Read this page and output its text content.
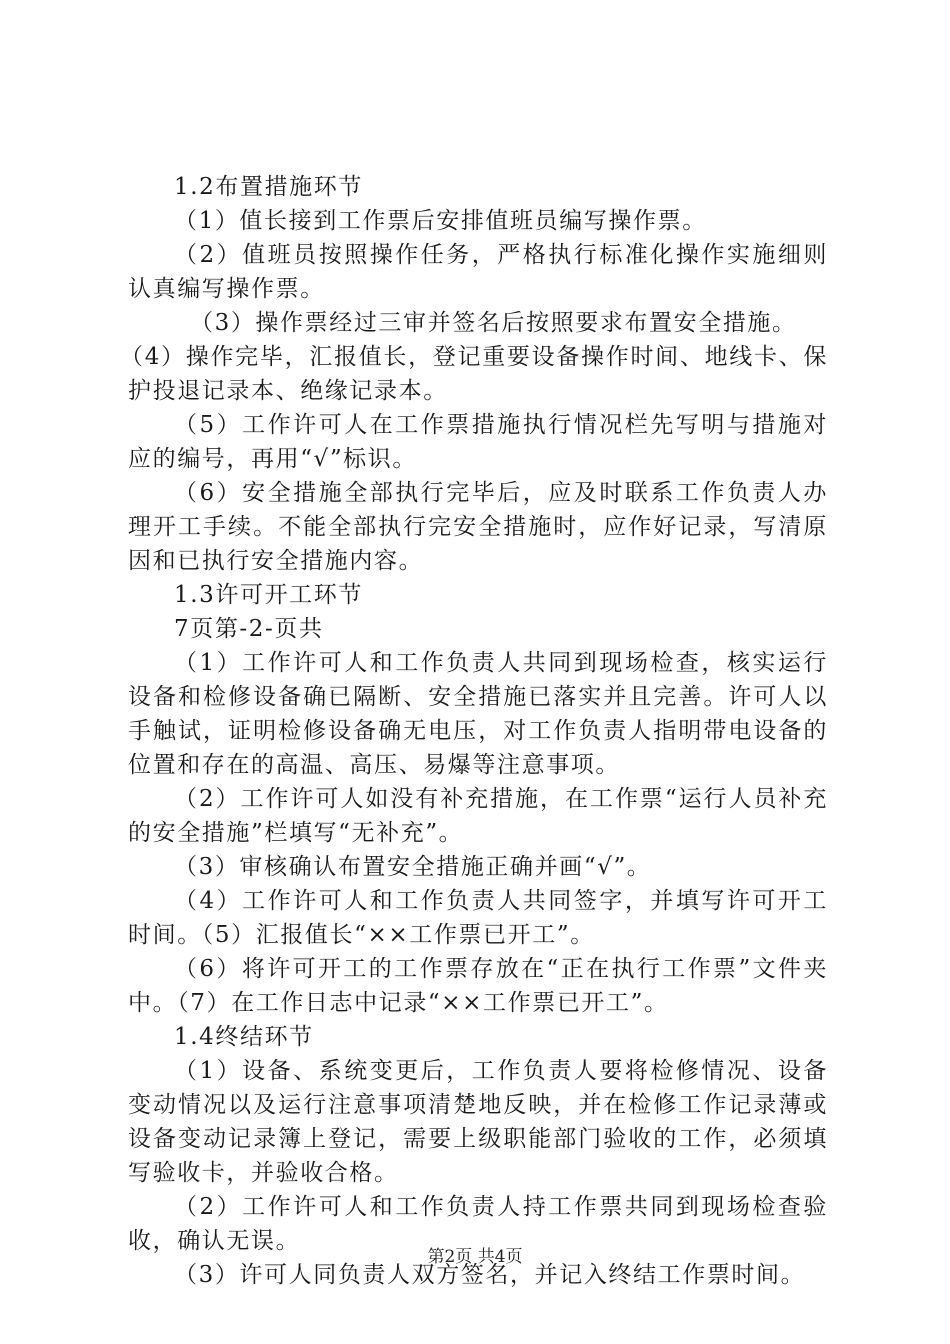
1.2布置措施环节

（1）值长接到工作票后安排值班员编写操作票。

（2）值班员按照操作任务，严格执行标准化操作实施细则认真编写操作票。

（3）操作票经过三审并签名后按照要求布置安全措施。

（4）操作完毕，汇报值长，登记重要设备操作时间、地线卡、保护投退记录本、绝缘记录本。

（5）工作许可人在工作票措施执行情况栏先写明与措施对应的编号，再用“√”标识。

（6）安全措施全部执行完毕后，应及时联系工作负责人办理开工手续。不能全部执行完安全措施时，应作好记录，写清原因和已执行安全措施内容。

1.3许可开工环节

7页第-2-页共

（1）工作许可人和工作负责人共同到现场检查，核实运行设备和检修设备确已隔断、安全措施已落实并且完善。许可人以手触试，证明检修设备确无电压，对工作负责人指明带电设备的位置和存在的高温、高压、易爆等注意事项。

（2）工作许可人如没有补充措施，在工作票“运行人员补充的安全措施”栏填写“无补充”。

（3）审核确认布置安全措施正确并画“√”。

（4）工作许可人和工作负责人共同签字，并填写许可开工时间。（5）汇报值长“××工作票已开工”。

（6）将许可开工的工作票存放在“正在执行工作票”文件夹中。（7）在工作日志中记录“××工作票已开工”。

1.4终结环节

（1）设备、系统变更后，工作负责人要将检修情况、设备变动情况以及运行注意事项清楚地反映，并在检修工作记录薄或设备变动记录簿上登记，需要上级职能部门验收的工作，必须填写验收卡，并验收合格。

（2）工作许可人和工作负责人持工作票共同到现场检查验收，确认无误。

（3）许可人同负责人双方签名，并记入终结工作票时间。

第2页 共4页
